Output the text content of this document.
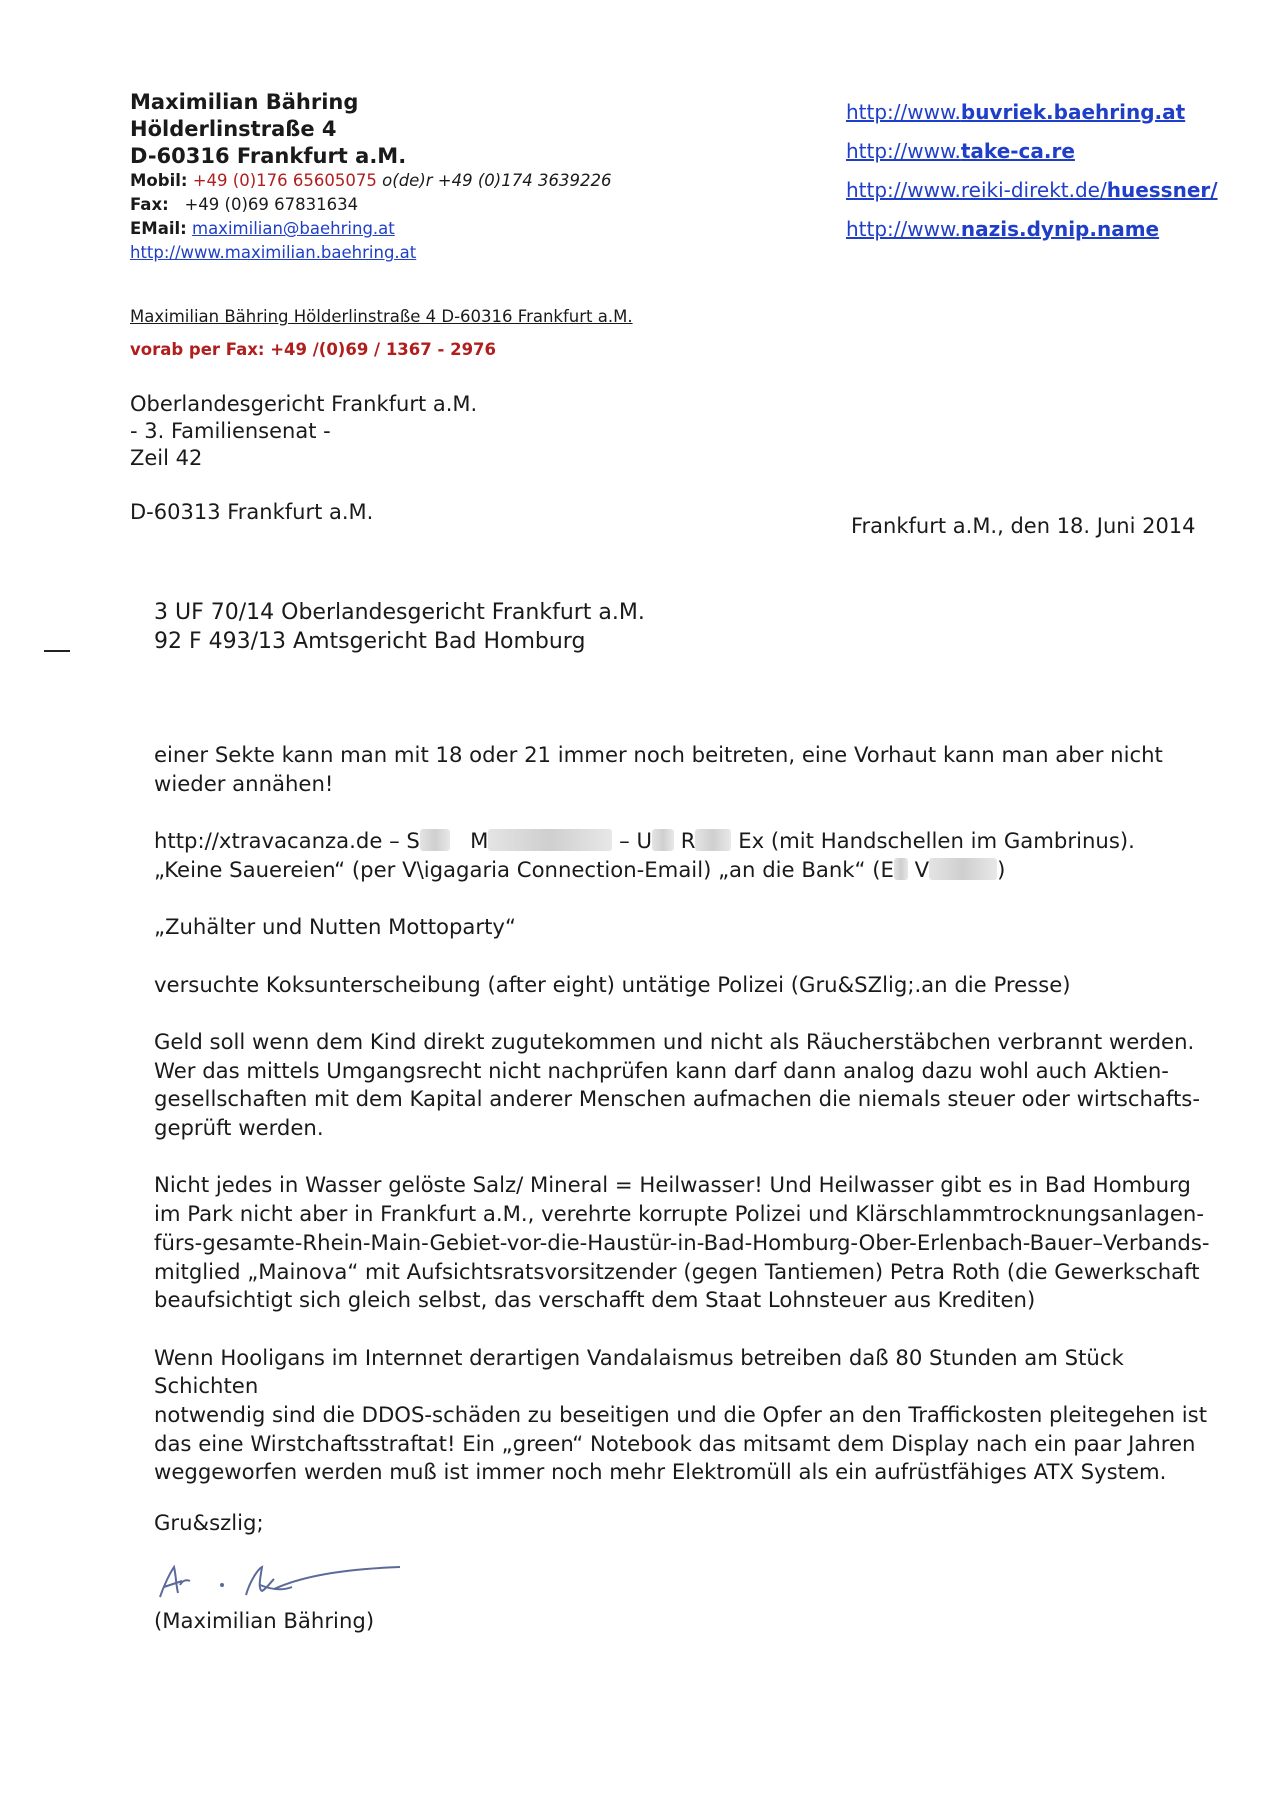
Maximilian Bähring
Hölderlinstraße 4
D-60316 Frankfurt a.M.
Mobil: +49 (0)176 65605075 o(de)r +49 (0)174 3639226
Fax: +49 (0)69 67831634
EMail: maximilian@baehring.at
http://www.maximilian.baehring.at
http://www.buvriek.baehring.at
http://www.take-ca.re
http://www.reiki-direkt.de/huessner/
http://www.nazis.dynip.name
Maximilian Bähring Hölderlinstraße 4 D-60316 Frankfurt a.M.
vorab per Fax: +49 /(0)69 / 1367 - 2976
Oberlandesgericht Frankfurt a.M.
- 3. Familiensenat -
Zeil 42
D-60313 Frankfurt a.M.
Frankfurt a.M., den 18. Juni 2014
3 UF 70/14 Oberlandesgericht Frankfurt a.M.
92 F 493/13 Amtsgericht Bad Homburg

einer Sekte kann man mit 18 oder 21 immer noch beitreten, eine Vorhaut kann man aber nicht
wieder annähen!

http://xtravacanza.de – S M	– U R Ex (mit Handschellen im Gambrinus).
„Keine Sauereien“ (per V\igagaria Connection-Email) „an die Bank“ (E V	)

„Zuhälter und Nutten Mottoparty“

versuchte Koksunterscheibung (after eight) untätige Polizei (Gru&SZlig;.an die Presse)

Geld soll wenn dem Kind direkt zugutekommen und nicht als Räucherstäbchen verbrannt werden.
Wer das mittels Umgangsrecht nicht nachprüfen kann darf dann analog dazu wohl auch Aktien-
gesellschaften mit dem Kapital anderer Menschen aufmachen die niemals steuer oder wirtschafts-
geprüft werden.

Nicht jedes in Wasser gelöste Salz/ Mineral = Heilwasser! Und Heilwasser gibt es in Bad Homburg
im Park nicht aber in Frankfurt a.M., verehrte korrupte Polizei und Klärschlammtrocknungsanlagen-
fürs-gesamte-Rhein-Main-Gebiet-vor-die-Haustür-in-Bad-Homburg-Ober-Erlenbach-Bauer–Verbands-
mitglied „Mainova“ mit Aufsichtsratsvorsitzender (gegen Tantiemen) Petra Roth (die Gewerkschaft
beaufsichtigt sich gleich selbst, das verschafft dem Staat Lohnsteuer aus Krediten)

Wenn Hooligans im Internnet derartigen Vandalaismus betreiben daß 80 Stunden am Stück Schichten
notwendig sind die DDOS-schäden zu beseitigen und die Opfer an den Traffickosten pleitegehen ist
das eine Wirstchaftsstraftat! Ein „green“ Notebook das mitsamt dem Display nach ein paar Jahren
weggeworfen werden muß ist immer noch mehr Elektromüll als ein aufrüstfähiges ATX System.

Gru&szlig;
(Maximilian Bähring)
